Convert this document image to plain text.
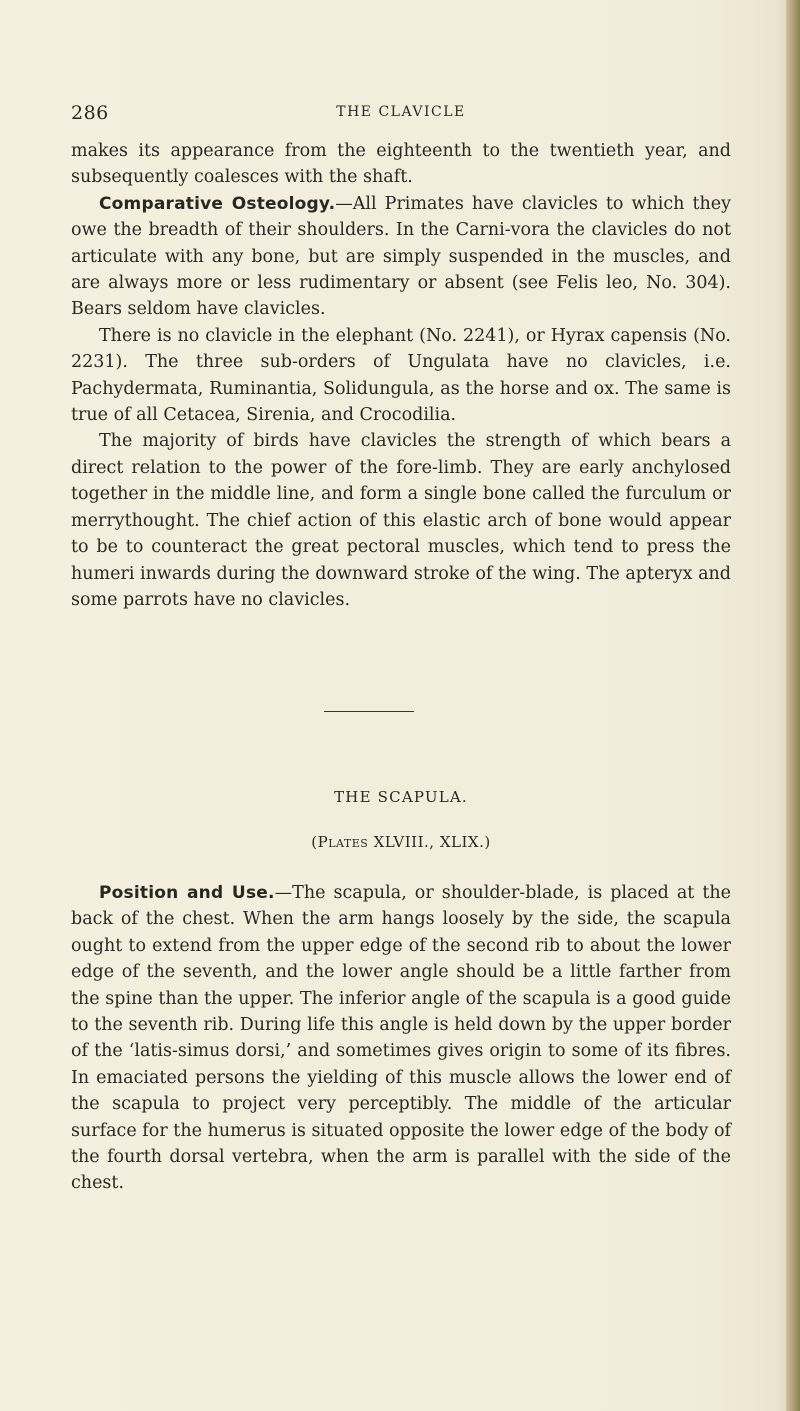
286	THE CLAVICLE

makes its appearance from the eighteenth to the twentieth year, and subsequently coalesces with the shaft.

Comparative Osteology.—All Primates have clavicles to which they owe the breadth of their shoulders. In the Carni-vora the clavicles do not articulate with any bone, but are simply suspended in the muscles, and are always more or less rudimentary or absent (see Felis leo, No. 304). Bears seldom have clavicles.

There is no clavicle in the elephant (No. 2241), or Hyrax capensis (No. 2231). The three sub-orders of Ungulata have no clavicles, i.e. Pachydermata, Ruminantia, Solidungula, as the horse and ox. The same is true of all Cetacea, Sirenia, and Crocodilia.

The majority of birds have clavicles the strength of which bears a direct relation to the power of the fore-limb. They are early anchylosed together in the middle line, and form a single bone called the furculum or merrythought. The chief action of this elastic arch of bone would appear to be to counteract the great pectoral muscles, which tend to press the humeri inwards during the downward stroke of the wing. The apteryx and some parrots have no clavicles.

THE SCAPULA.
(Plates XLVIII., XLIX.)

Position and Use.—The scapula, or shoulder-blade, is placed at the back of the chest. When the arm hangs loosely by the side, the scapula ought to extend from the upper edge of the second rib to about the lower edge of the seventh, and the lower angle should be a little farther from the spine than the upper. The inferior angle of the scapula is a good guide to the seventh rib. During life this angle is held down by the upper border of the ‘latis-simus dorsi,’ and sometimes gives origin to some of its fibres. In emaciated persons the yielding of this muscle allows the lower end of the scapula to project very perceptibly. The middle of the articular surface for the humerus is situated opposite the lower edge of the body of the fourth dorsal vertebra, when the arm is parallel with the side of the chest.
